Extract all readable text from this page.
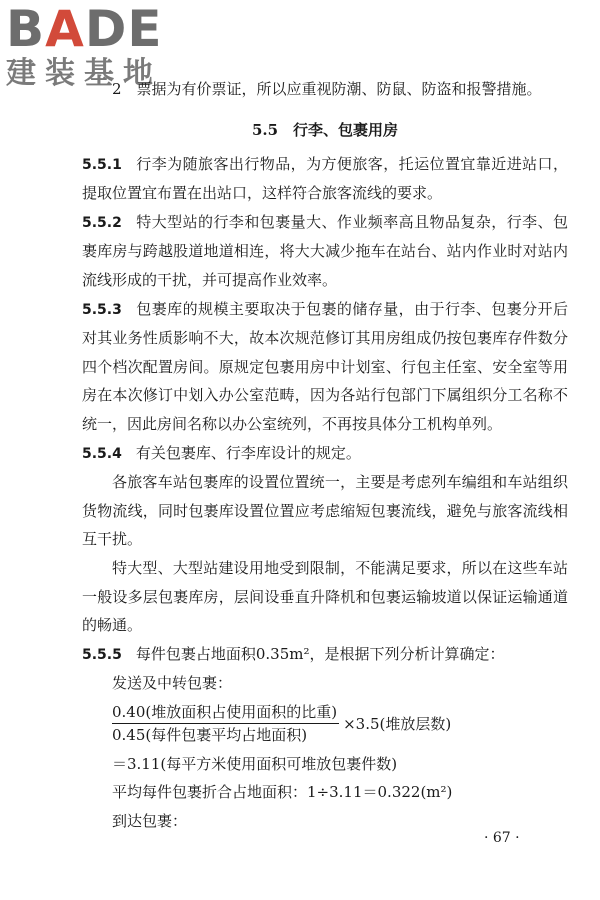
BADE
建装基地

2　票据为有价票证，所以应重视防潮、防鼠、防盗和报警措施。

5.5　行李、包裹用房

5.5.1 行李为随旅客出行物品，为方便旅客，托运位置宜靠近进站口，提取位置宜布置在出站口，这样符合旅客流线的要求。

5.5.2 特大型站的行李和包裹量大、作业频率高且物品复杂，行李、包裹库房与跨越股道地道相连，将大大减少拖车在站台、站内作业时对站内流线形成的干扰，并可提高作业效率。

5.5.3 包裹库的规模主要取决于包裹的储存量，由于行李、包裹分开后对其业务性质影响不大，故本次规范修订其用房组成仍按包裹库存件数分四个档次配置房间。原规定包裹用房中计划室、行包主任室、安全室等用房在本次修订中划入办公室范畴，因为各站行包部门下属组织分工名称不统一，因此房间名称以办公室统列，不再按具体分工机构单列。

5.5.4 有关包裹库、行李库设计的规定。

各旅客车站包裹库的设置位置统一，主要是考虑列车编组和车站组织货物流线，同时包裹库设置位置应考虑缩短包裹流线，避免与旅客流线相互干扰。

特大型、大型站建设用地受到限制，不能满足要求，所以在这些车站一般设多层包裹库房，层间设垂直升降机和包裹运输坡道以保证运输通道的畅通。

5.5.5 每件包裹占地面积0.35m²，是根据下列分析计算确定：

发送及中转包裹：

$\frac{\text{0.40(堆放面积占使用面积的比重)}}{\text{0.45(每件包裹平均占地面积)}} \times 3.5$(堆放层数)

＝3.11(每平方米使用面积可堆放包裹件数)

平均每件包裹折合占地面积：1÷3.11＝0.322(m²)

到达包裹：

· 67 ·
